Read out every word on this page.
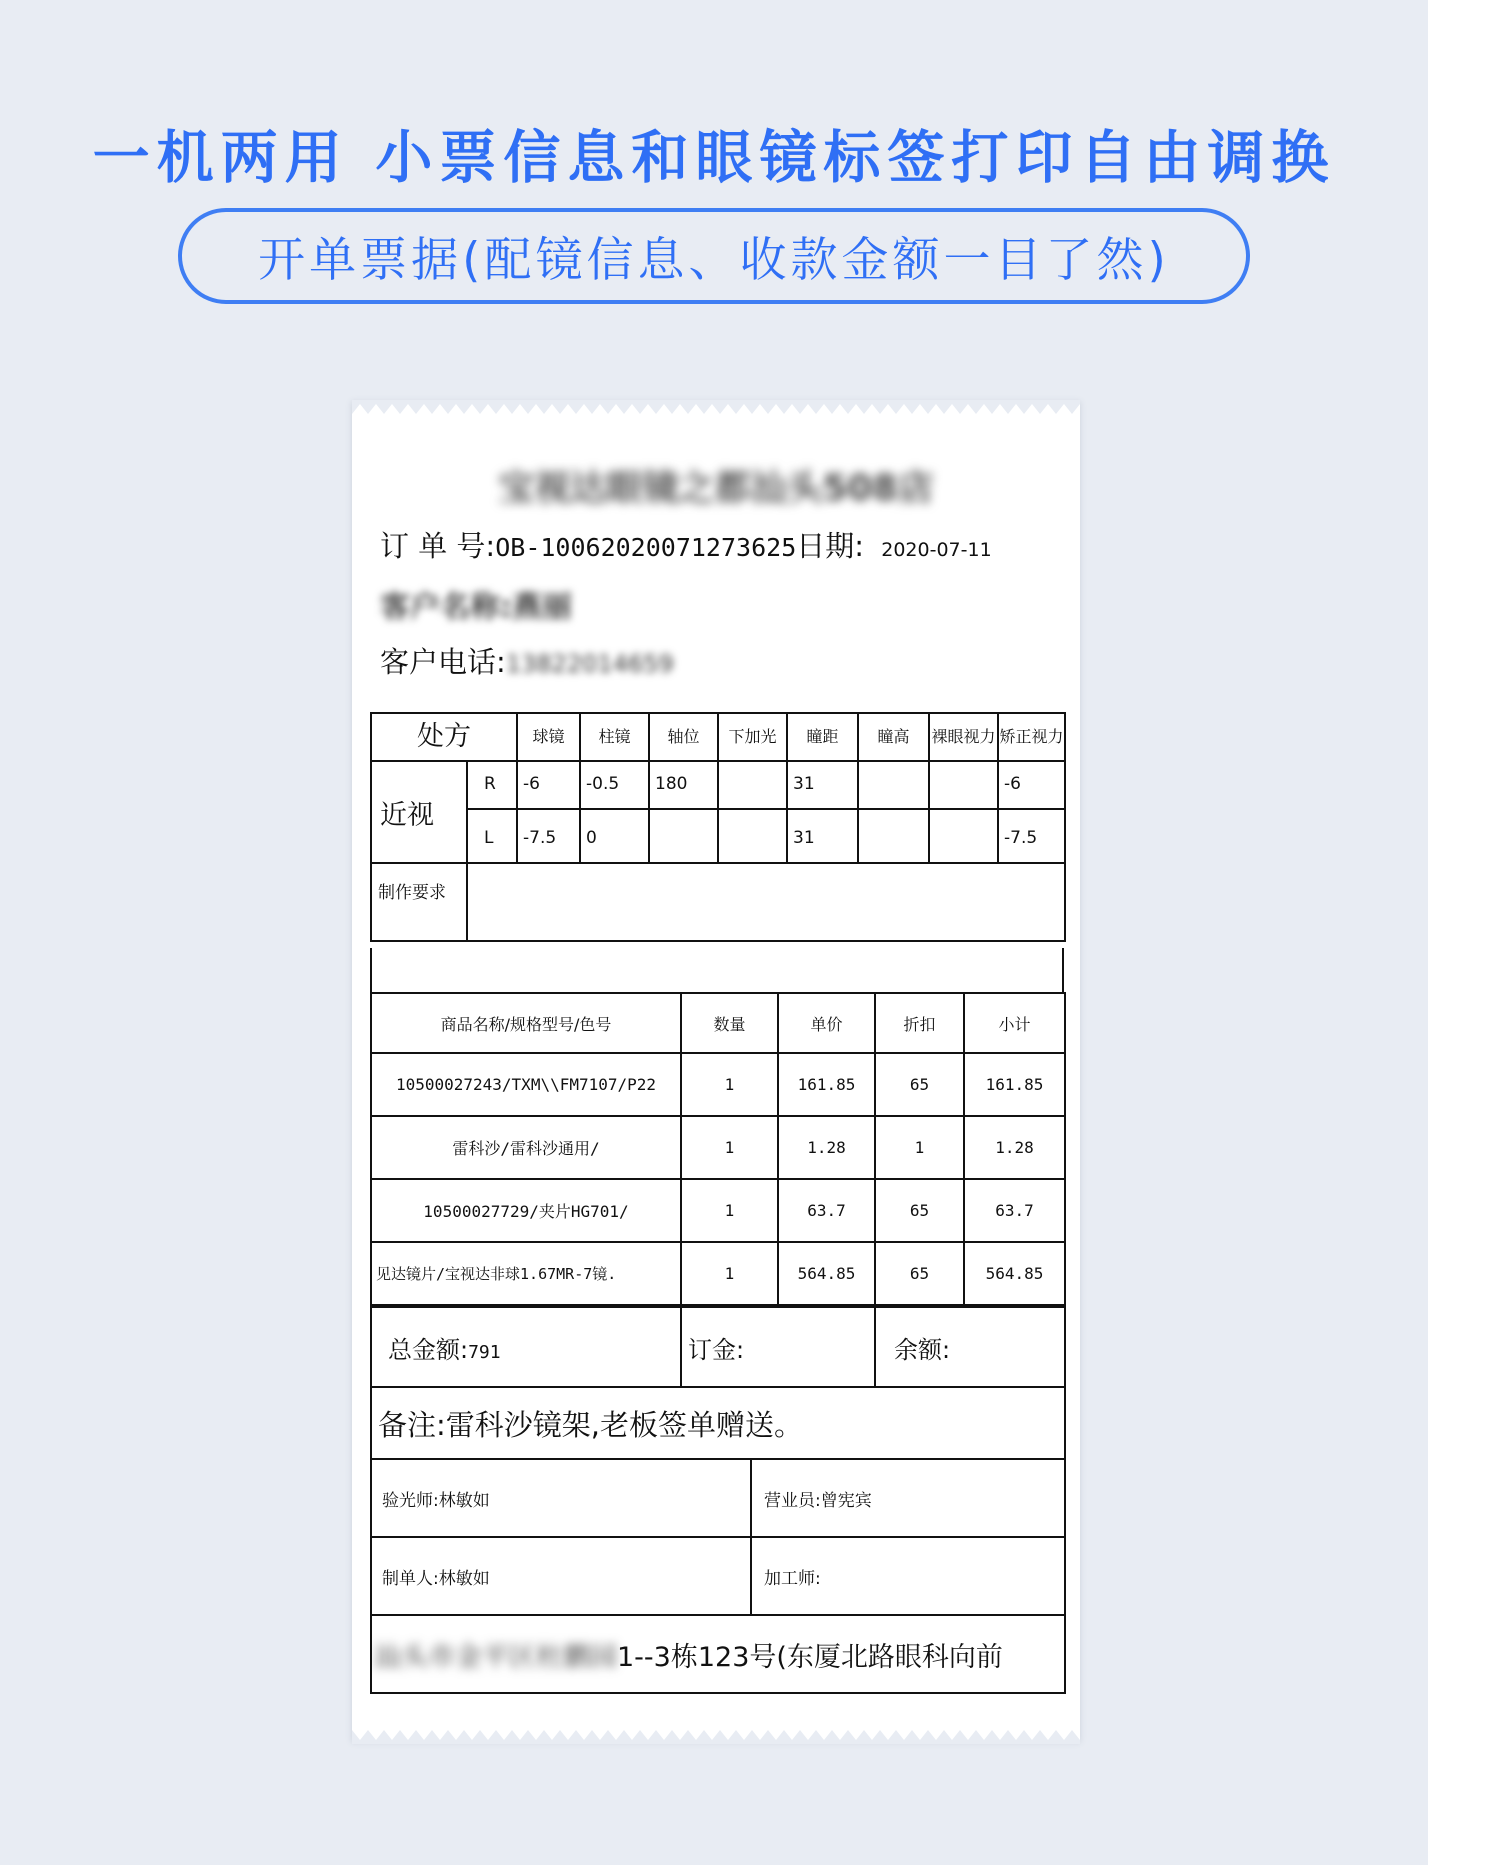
一机两用 小票信息和眼镜标签打印自由调换
开单票据(配镜信息、收款金额一目了然)
宝视达眼镜之都汕头508店
订 单 号:OB-10062020071273625日期: 2020-07-11
客户名称:燕丽
客户电话:13822014659
处方		球镜	柱镜	轴位	下加光	瞳距	瞳高	裸眼视力	矫正视力
近视	R	-6	-0.5	180		31			-6
	L	-7.5	0			31			-7.5
制作要求									
商品名称/规格型号/色号	数量	单价	折扣	小计
10500027243/TXM\\FM7107/P22	1	161.85	65	161.85
雷科沙/雷科沙通用/	1	1.28	1	1.28
10500027729/夹片HG701/	1	63.7	65	63.7
见达镜片/宝视达非球1.67MR-7镜.	1	564.85	65	564.85
总金额:791	订金:		余额:
备注:雷科沙镜架,老板签单赠送。			
验光师:林敏如		营业员:曾宪宾	
制单人:林敏如		加工师:	
汕头市金平区杜鹏园1--3栋123号(东厦北路眼科向前			
